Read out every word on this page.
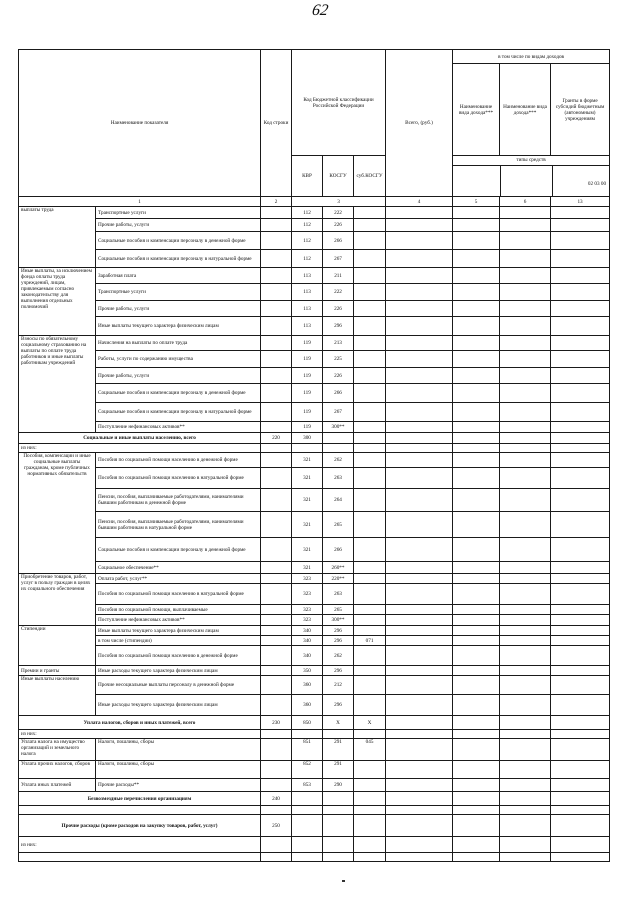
62
Наименование показателя		Код строки	Код Бюджетной классификации Российской Федерации			Всего, (руб.)	в том числе по видам доходов		
							Наименование вида дохода***	Наименование вида дохода***	Гранты в форме субсидий бюджетным (автономным) учреждениям
			КВР	КОСГУ	суб.КОСГУ		типы средств
02 03 00		

1		2	3			4	5	6	13
выплаты труда	Транспортные услуги		112	222					
	Прочие работы, услуги		112	226					
	Социальные пособия и компенсации персоналу в денежной форме		112	266					
	Социальные пособия и компенсации персоналу в натуральной форме		112	267					
Иные выплаты, за исключением фонда оплаты труда учреждений, лицам, привлекаемым согласно законодательству для выполнения отдельных полномочий	Заработная плата		113	211					
	Транспортные услуги		113	222					
	Прочие работы, услуги		113	226					
	Иные выплаты текущего характера физическим лицам		113	296					
Взносы по обязательному социальному страхованию на выплаты по оплате труда работников и иные выплаты работникам учреждений	Начисления на выплаты по оплате труда		119	213					
	Работы, услуги по содержанию имущества		119	225					
	Прочие работы, услуги		119	226					
	Социальные пособия и компенсации персоналу в денежной форме		119	266					
	Социальные пособия и компенсации персоналу в натуральной форме		119	267					
	Поступление нефинансовых активов**		119	300**					
Социальные и иные выплаты населению, всего		220	300						
из них:									
Пособия, компенсации и иные социальные выплаты гражданам, кроме публичных нормативных обязательств	Пособия по социальной помощи населению в денежной форме		321	262					
	Пособия по социальной помощи населению в натуральной форме		321	263					
	Пенсии, пособия, выплачиваемые работодателями, нанимателями бывшим работникам в денежной форме		321	264					
	Пенсии, пособия, выплачиваемые работодателями, нанимателями бывшим работникам в натуральной форме		321	265					
	Социальные пособия и компенсации персоналу в денежной форме		321	266					
	Социальное обеспечение**		321	260**					
Приобретение товаров, работ, услуг в пользу граждан в целях их социального обеспечения	Оплата работ, услуг**		323	220**					
	Пособия по социальной помощи населению в натуральной форме		323	263					
	Пособия по социальной помощи, выплачиваемые		323	265					
	Поступление нефинансовых активов**		323	300**					
Стипендии	Иные выплаты текущего характера физическим лицам		340	296					
	в том числе (стипендии)		340	296	071				
	Пособия по социальной помощи населению в денежной форме		340	262					
Премии и гранты	Иные расходы текущего характера физическим лицам		350	296					
Иные выплаты населению	Прочие несоциальные выплаты персоналу в денежной форме		360	212					
	Иные расходы текущего характера физическим лицам		360	296					
Уплата налогов, сборов и иных платежей, всего		230	850	X	X				
из них:									
Уплата налога на имущество организаций и земельного налога	Налоги, пошлины, сборы		851	291	045				
Уплата прочих налогов, сборов	Налоги, пошлины, сборы		852	291					
Уплата иных платежей	Прочие расходы**		853	290					
Безвозмездные перечисления организациям		240							

Прочие расходы (кроме расходов на закупку товаров, работ, услуг)		250							
из них:									
